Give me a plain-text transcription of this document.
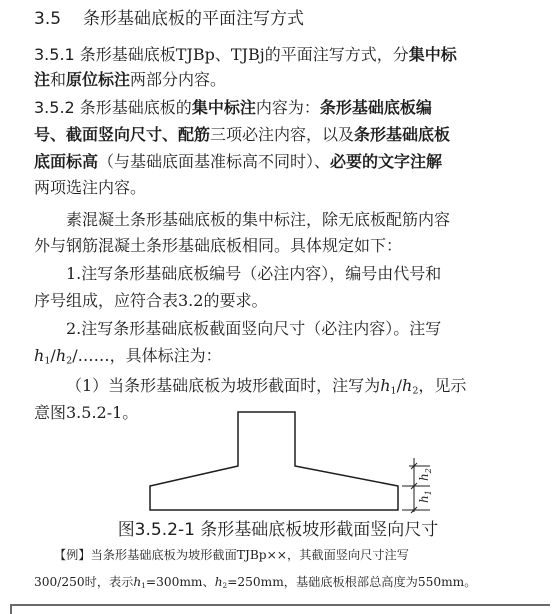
3.5 条形基础底板的平面注写方式
3.5.1 条形基础底板TJBp、TJBj的平面注写方式，分集中标
注和原位标注两部分内容。
3.5.2 条形基础底板的集中标注内容为：条形基础底板编
号、截面竖向尺寸、配筋三项必注内容，以及条形基础底板
底面标高（与基础底面基准标高不同时）、必要的文字注解
两项选注内容。
素混凝土条形基础底板的集中标注，除无底板配筋内容
外与钢筋混凝土条形基础底板相同。具体规定如下：
1.注写条形基础底板编号（必注内容），编号由代号和
序号组成，应符合表3.2的要求。
2.注写条形基础底板截面竖向尺寸（必注内容）。注写
$h_1/h_2/\dots\dots$，具体标注为：
（1）当条形基础底板为坡形截面时，注写为$h_1/h_2$，见示
意图3.5.2-1。
$h_2$
$h_1$
图3.5.2-1 条形基础底板坡形截面竖向尺寸
【例】当条形基础底板为坡形截面TJBp××，其截面竖向尺寸注写
300/250时，表示$h_1=300mm$、$h_2=250mm$，基础底板根部总高度为550mm。
